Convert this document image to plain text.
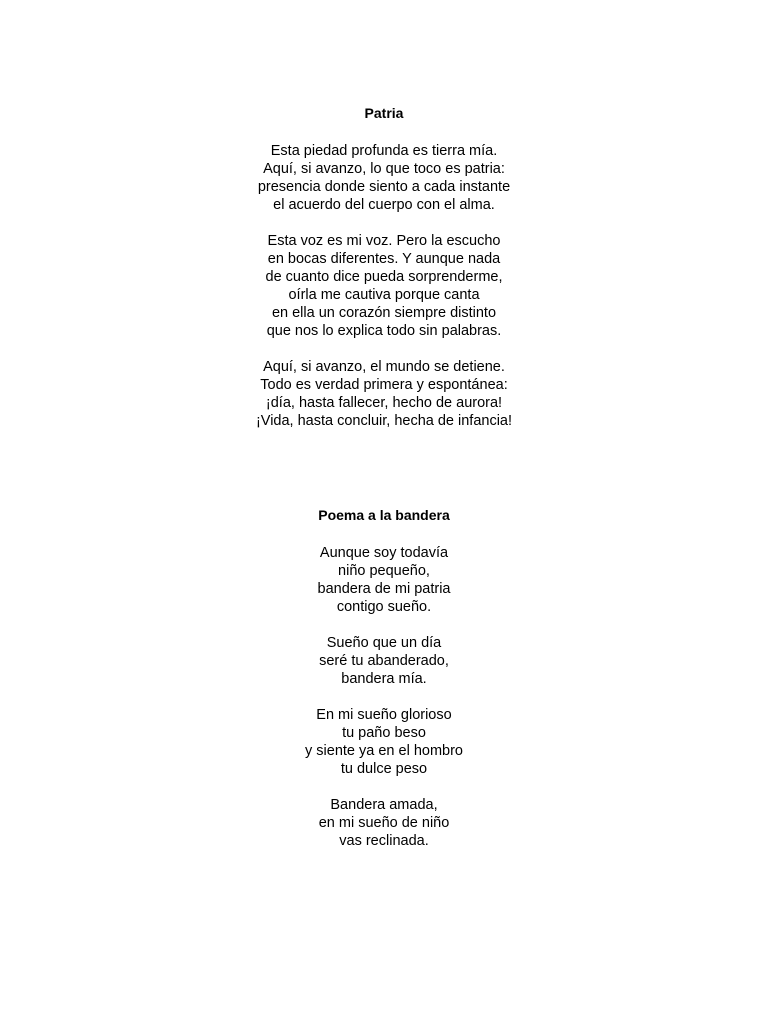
Patria
Esta piedad profunda es tierra mía.
Aquí, si avanzo, lo que toco es patria:
presencia donde siento a cada instante
el acuerdo del cuerpo con el alma.
Esta voz es mi voz. Pero la escucho
en bocas diferentes. Y aunque nada
de cuanto dice pueda sorprenderme,
oírla me cautiva porque canta
en ella un corazón siempre distinto
que nos lo explica todo sin palabras.
Aquí, si avanzo, el mundo se detiene.
Todo es verdad primera y espontánea:
¡día, hasta fallecer, hecho de aurora!
¡Vida, hasta concluir, hecha de infancia!
Poema a la bandera
Aunque soy todavía
niño pequeño,
bandera de mi patria
contigo sueño.
Sueño que un día
seré tu abanderado,
bandera mía.
En mi sueño glorioso
tu paño beso
y siente ya en el hombro
tu dulce peso
Bandera amada,
en mi sueño de niño
vas reclinada.
